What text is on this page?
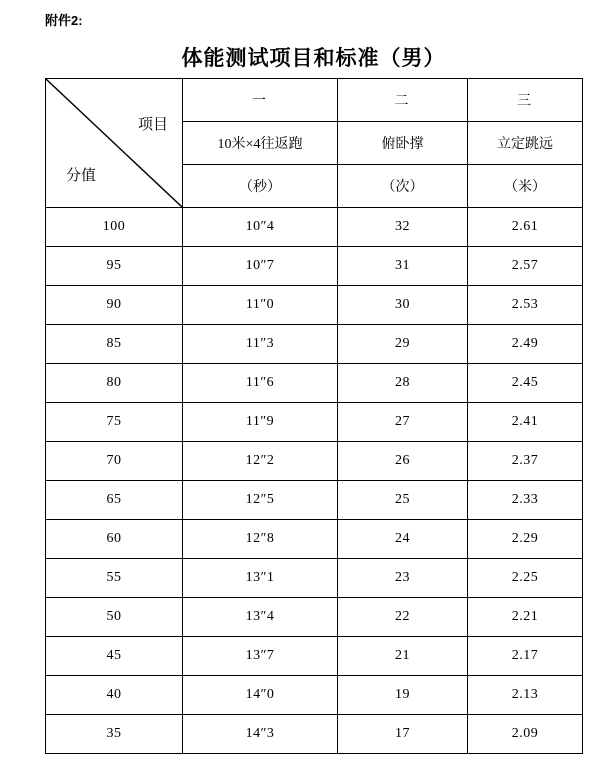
附件2:
体能测试项目和标准（男）
项目
分值	一	二	三
	10米×4往返跑	俯卧撑	立定跳远
	（秒）	（次）	（米）
100	10″4	32	2.61
95	10″7	31	2.57
90	11″0	30	2.53
85	11″3	29	2.49
80	11″6	28	2.45
75	11″9	27	2.41
70	12″2	26	2.37
65	12″5	25	2.33
60	12″8	24	2.29
55	13″1	23	2.25
50	13″4	22	2.21
45	13″7	21	2.17
40	14″0	19	2.13
35	14″3	17	2.09
